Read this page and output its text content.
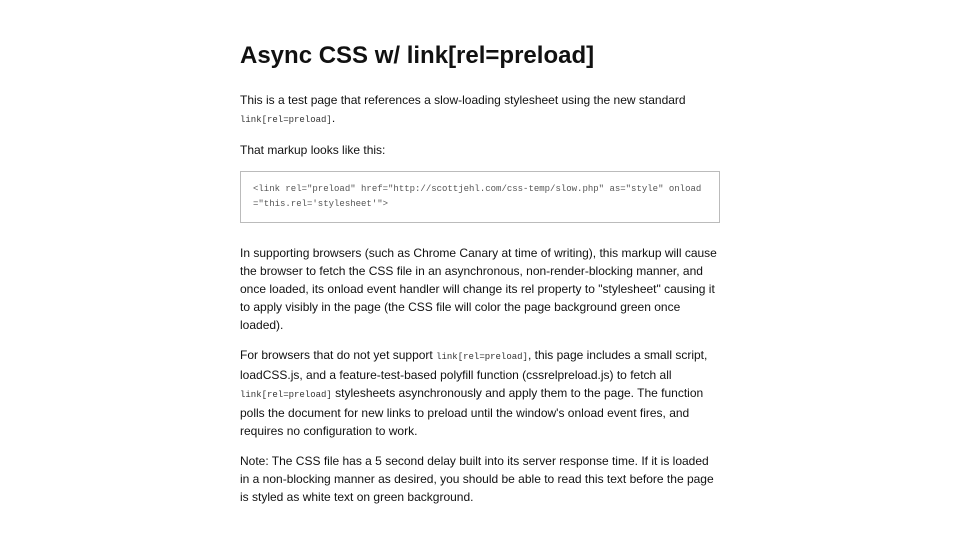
Async CSS w/ link[rel=preload]

This is a test page that references a slow-loading stylesheet using the new standard link[rel=preload].

That markup looks like this:

<link rel="preload" href="http://scottjehl.com/css-temp/slow.php" as="style" onload="this.rel='stylesheet'">

In supporting browsers (such as Chrome Canary at time of writing), this markup will cause the browser to fetch the CSS file in an asynchronous, non-render-blocking manner, and once loaded, its onload event handler will change its rel property to "stylesheet" causing it to apply visibly in the page (the CSS file will color the page background green once loaded).

For browsers that do not yet support link[rel=preload], this page includes a small script, loadCSS.js, and a feature-test-based polyfill function (cssrelpreload.js) to fetch all link[rel=preload] stylesheets asynchronously and apply them to the page. The function polls the document for new links to preload until the window's onload event fires, and requires no configuration to work.

Note: The CSS file has a 5 second delay built into its server response time. If it is loaded in a non-blocking manner as desired, you should be able to read this text before the page is styled as white text on green background.
